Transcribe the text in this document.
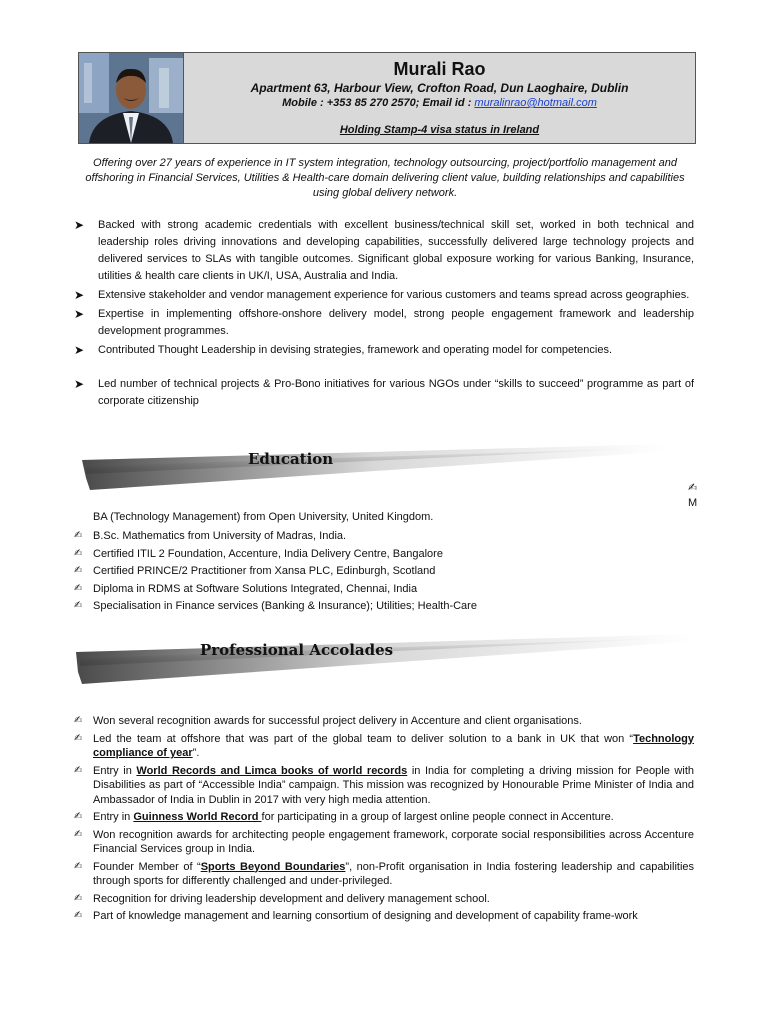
Murali Rao
Apartment 63, Harbour View, Crofton Road, Dun Laoghaire, Dublin
Mobile : +353 85 270 2570; Email id : muralinrao@hotmail.com
Holding Stamp-4 visa status in Ireland
Offering over 27 years of experience in IT system integration, technology outsourcing, project/portfolio management and offshoring in Financial Services, Utilities & Health-care domain delivering client value, building relationships and capabilities using global delivery network.
➤ Backed with strong academic credentials with excellent business/technical skill set, worked in both technical and leadership roles driving innovations and developing capabilities, successfully delivered large technology projects and delivered services to SLAs with tangible outcomes. Significant global exposure working for various Banking, Insurance, utilities & health care clients in UK/I, USA, Australia and India.
➤ Extensive stakeholder and vendor management experience for various customers and teams spread across geographies.
➤ Expertise in implementing offshore-onshore delivery model, strong people engagement framework and leadership development programmes.
➤ Contributed Thought Leadership in devising strategies, framework and operating model for competencies.
➤ Led number of technical projects & Pro-Bono initiatives for various NGOs under “skills to succeed” programme as part of corporate citizenship
Education
✍
M
BA (Technology Management) from Open University, United Kingdom.
✍ B.Sc. Mathematics from University of Madras, India.
✍ Certified ITIL 2 Foundation, Accenture, India Delivery Centre, Bangalore
✍ Certified PRINCE/2 Practitioner from Xansa PLC, Edinburgh, Scotland
✍ Diploma in RDMS at Software Solutions Integrated, Chennai, India
✍ Specialisation in Finance services (Banking & Insurance); Utilities; Health-Care
Professional Accolades
✍ Won several recognition awards for successful project delivery in Accenture and client organisations.
✍ Led the team at offshore that was part of the global team to deliver solution to a bank in UK that won “Technology compliance of year”.
✍ Entry in World Records and Limca books of world records in India for completing a driving mission for People with Disabilities as part of “Accessible India” campaign. This mission was recognized by Honourable Prime Minister of India and Ambassador of India in Dublin in 2017 with very high media attention.
✍ Entry in Guinness World Record for participating in a group of largest online people connect in Accenture.
✍ Won recognition awards for architecting people engagement framework, corporate social responsibilities across Accenture Financial Services group in India.
✍ Founder Member of “Sports Beyond Boundaries”, non-Profit organisation in India fostering leadership and capabilities through sports for differently challenged and under-privileged.
✍ Recognition for driving leadership development and delivery management school.
✍ Part of knowledge management and learning consortium of designing and development of capability frame-work
